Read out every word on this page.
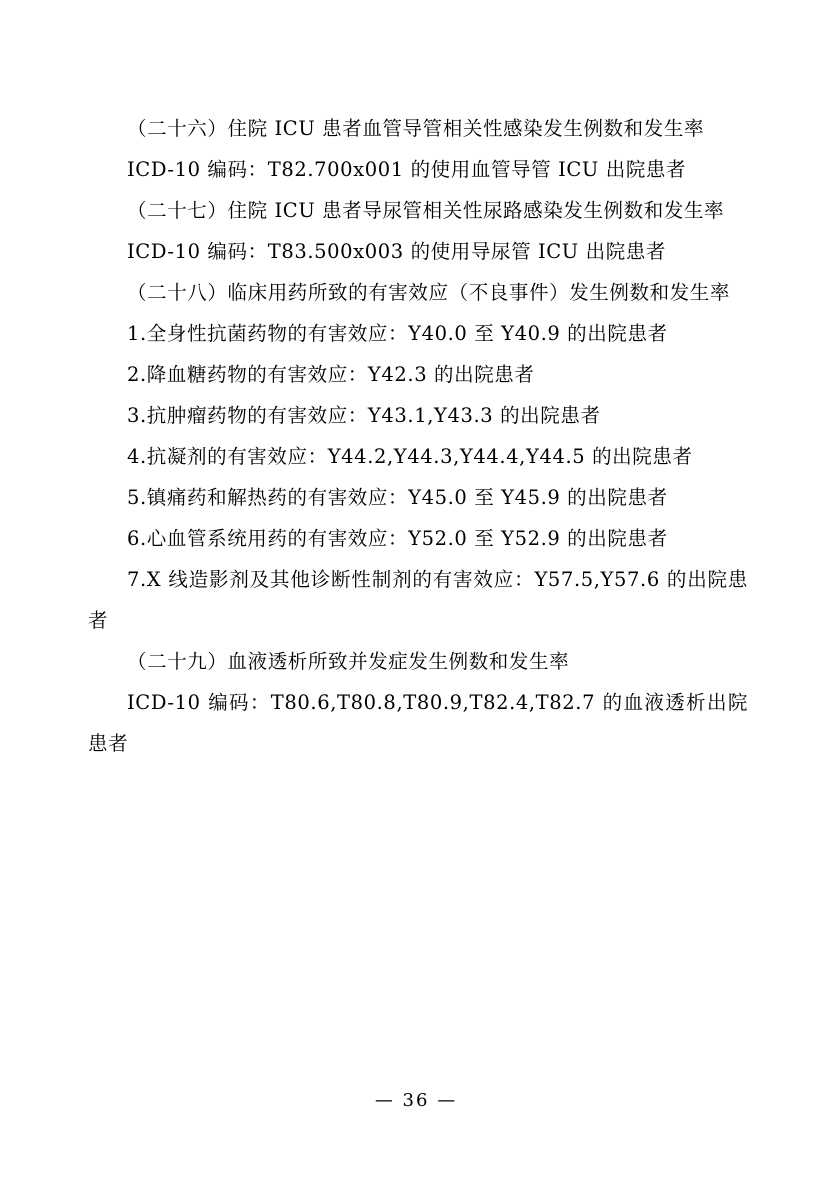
（二十六）住院 ICU 患者血管导管相关性感染发生例数和发生率

ICD-10 编码：T82.700x001 的使用血管导管 ICU 出院患者

（二十七）住院 ICU 患者导尿管相关性尿路感染发生例数和发生率

ICD-10 编码：T83.500x003 的使用导尿管 ICU 出院患者

（二十八）临床用药所致的有害效应（不良事件）发生例数和发生率

1.全身性抗菌药物的有害效应：Y40.0 至 Y40.9 的出院患者

2.降血糖药物的有害效应：Y42.3 的出院患者

3.抗肿瘤药物的有害效应：Y43.1,Y43.3 的出院患者

4.抗凝剂的有害效应：Y44.2,Y44.3,Y44.4,Y44.5 的出院患者

5.镇痛药和解热药的有害效应：Y45.0 至 Y45.9 的出院患者

6.心血管系统用药的有害效应：Y52.0 至 Y52.9 的出院患者

7.X 线造影剂及其他诊断性制剂的有害效应：Y57.5,Y57.6 的出院患者

（二十九）血液透析所致并发症发生例数和发生率

ICD-10 编码：T80.6,T80.8,T80.9,T82.4,T82.7 的血液透析出院患者

— 36 —
